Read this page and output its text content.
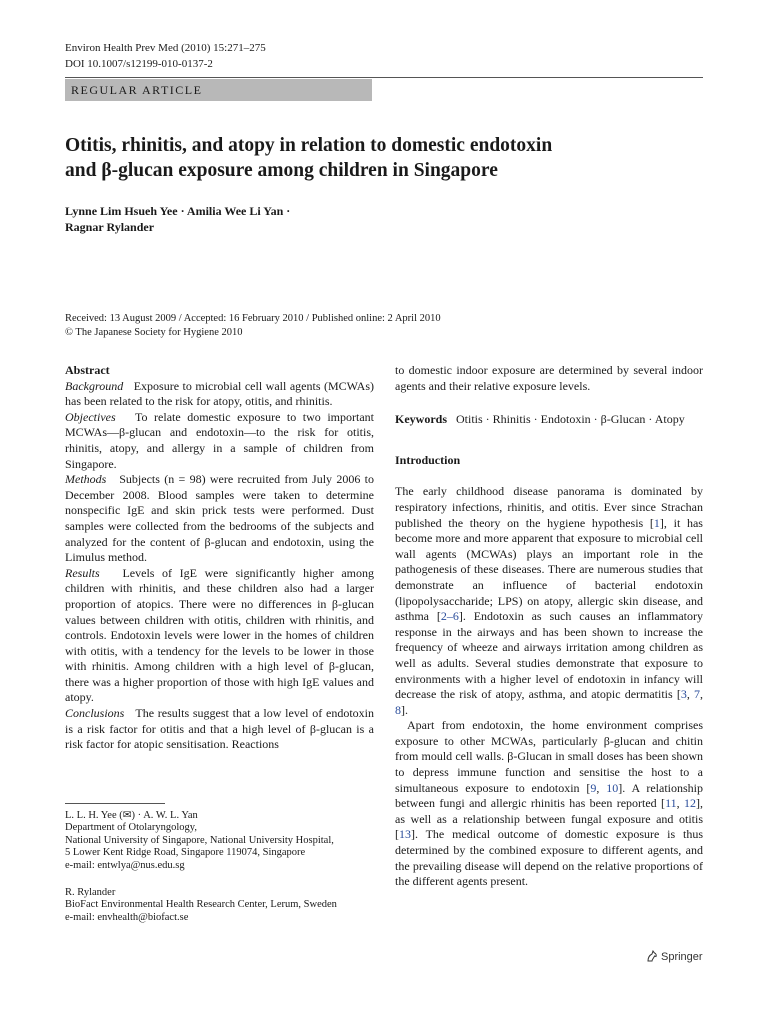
Environ Health Prev Med (2010) 15:271–275
DOI 10.1007/s12199-010-0137-2
REGULAR ARTICLE
Otitis, rhinitis, and atopy in relation to domestic endotoxin
and β-glucan exposure among children in Singapore
Lynne Lim Hsueh Yee · Amilia Wee Li Yan ·
Ragnar Rylander
Received: 13 August 2009 / Accepted: 16 February 2010 / Published online: 2 April 2010
© The Japanese Society for Hygiene 2010

Abstract

Background Exposure to microbial cell wall agents (MCWAs) has been related to the risk for atopy, otitis, and rhinitis.

Objectives To relate domestic exposure to two important MCWAs—β-glucan and endotoxin—to the risk for otitis, rhinitis, atopy, and allergy in a sample of children from Singapore.

Methods Subjects (n = 98) were recruited from July 2006 to December 2008. Blood samples were taken to determine nonspecific IgE and skin prick tests were performed. Dust samples were collected from the bedrooms of the subjects and analyzed for the content of β-glucan and endotoxin, using the Limulus method.

Results Levels of IgE were significantly higher among children with rhinitis, and these children also had a larger proportion of atopics. There were no differences in β-glucan values between children with otitis, children with rhinitis, and controls. Endotoxin levels were lower in the homes of children with otitis, with a tendency for the levels to be lower in those with rhinitis. Among children with a high level of β-glucan, there was a higher proportion of those with high IgE values and atopy.

Conclusions The results suggest that a low level of endotoxin is a risk factor for otitis and that a high level of β-glucan is a risk factor for atopic sensitisation. Reactions

L. L. H. Yee (✉) · A. W. L. Yan
Department of Otolaryngology,
National University of Singapore, National University Hospital,
5 Lower Kent Ridge Road, Singapore 119074, Singapore
e-mail: entwlya@nus.edu.sg
R. Rylander
BioFact Environmental Health Research Center, Lerum, Sweden
e-mail: envhealth@biofact.se

to domestic indoor exposure are determined by several indoor agents and their relative exposure levels.

Keywords Otitis · Rhinitis · Endotoxin · β-Glucan · Atopy

Introduction

The early childhood disease panorama is dominated by respiratory infections, rhinitis, and otitis. Ever since Strachan published the theory on the hygiene hypothesis [1], it has become more and more apparent that exposure to microbial cell wall agents (MCWAs) plays an important role in the pathogenesis of these diseases. There are numerous studies that demonstrate an influence of bacterial endotoxin (lipopolysaccharide; LPS) on atopy, allergic skin disease, and asthma [2–6]. Endotoxin as such causes an inflammatory response in the airways and has been shown to increase the frequency of wheeze and airways irritation among children as well as adults. Several studies demonstrate that exposure to environments with a higher level of endotoxin in infancy will decrease the risk of atopy, asthma, and atopic dermatitis [3, 7, 8].

Apart from endotoxin, the home environment comprises exposure to other MCWAs, particularly β-glucan and chitin from mould cell walls. β-Glucan in small doses has been shown to depress immune function and sensitise the host to a simultaneous exposure to endotoxin [9, 10]. A relationship between fungi and allergic rhinitis has been reported [11, 12], as well as a relationship between fungal exposure and otitis [13]. The medical outcome of domestic exposure is thus determined by the combined exposure to different agents, and the prevailing disease will depend on the relative proportions of the different agents present.

Springer
